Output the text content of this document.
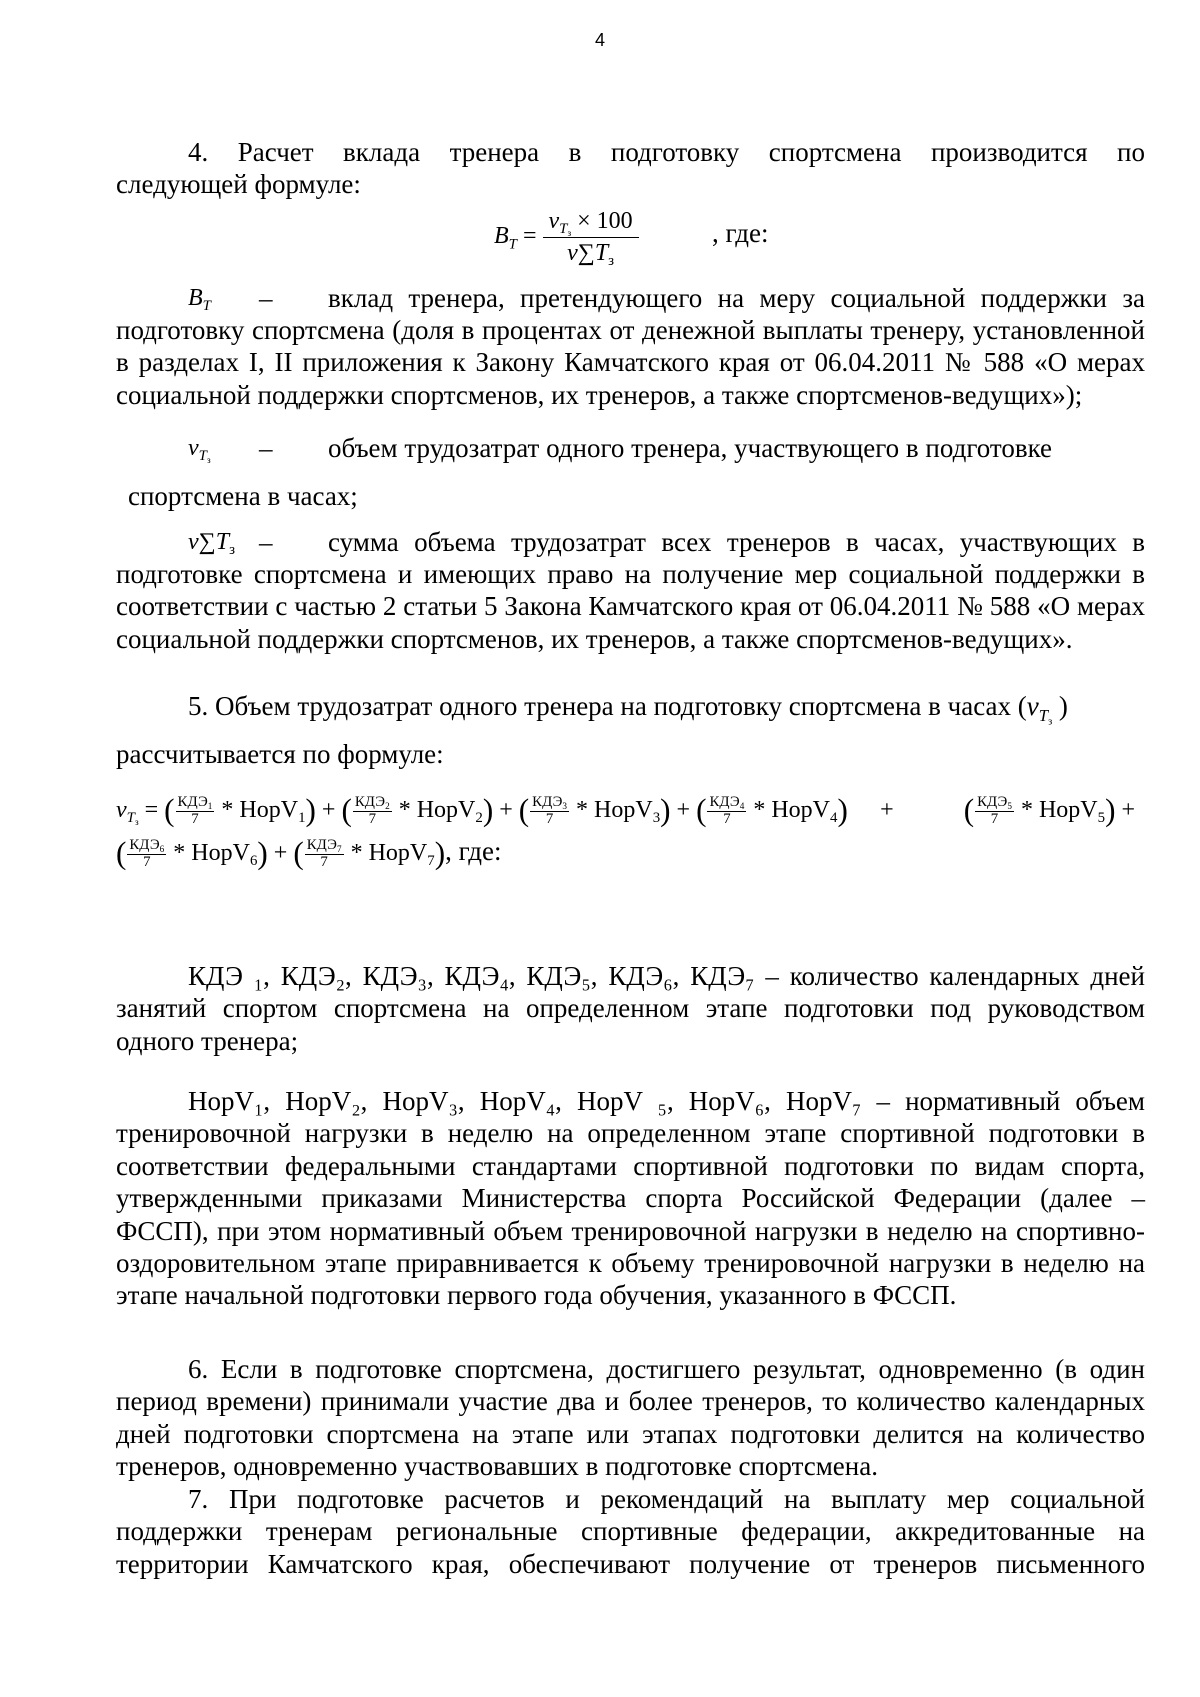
4

4. Расчет вклада тренера в подготовку спортсмена производится по

следующей формуле:

$B_T$ =
$v_{T_з} \times 100$
$v\sum T_з$
, где:
$B_T$ – вклад тренера, претендующего на меру социальной поддержки за

подготовку спортсмена (доля в процентах от денежной выплаты тренеру, установленной в разделах I, II приложения к Закону Камчатского края от 06.04.2011 № 588 «О мерах социальной поддержки спортсменов, их тренеров, а также спортсменов-ведущих»);

$v_{T_з}$ – объем трудозатрат одного тренера, участвующего в подготовке

спортсмена в часах;

$v\sum T_з$ – сумма объема трудозатрат всех тренеров в часах, участвующих в

подготовке спортсмена и имеющих право на получение мер социальной поддержки в соответствии с частью 2 статьи 5 Закона Камчатского края от 06.04.2011 № 588 «О мерах социальной поддержки спортсменов, их тренеров, а также спортсменов-ведущих».

5. Объем трудозатрат одного тренера на подготовку спортсмена в часах ($v_{T_з}$ )

рассчитывается по формуле:

$v_{T_з}$ = ( $\frac{КДЭ_1}{7}$ * НорV$_1$) + ( $\frac{КДЭ_2}{7}$ * НорV$_2$) + ( $\frac{КДЭ_3}{7}$ * НорV$_3$) + ( $\frac{КДЭ_4}{7}$ * НорV$_4$) + ( $\frac{КДЭ_5}{7}$ * НорV$_5$) +
( $\frac{КДЭ_6}{7}$ * НорV$_6$) + ( $\frac{КДЭ_7}{7}$ * НорV$_7$), где:

КДЭ ₁, КДЭ₂, КДЭ₃, КДЭ₄, КДЭ₅, КДЭ₆, КДЭ₇ – количество календарных дней занятий спортом спортсмена на определенном этапе подготовки под руководством одного тренера;

НорV₁, НорV₂, НорV₃, НорV₄, НорV ₅, НорV₆, НорV₇ – нормативный объем тренировочной нагрузки в неделю на определенном этапе спортивной подготовки в соответствии федеральными стандартами спортивной подготовки по видам спорта, утвержденными приказами Министерства спорта Российской Федерации (далее – ФССП), при этом нормативный объем тренировочной нагрузки в неделю на спортивно-оздоровительном этапе приравнивается к объему тренировочной нагрузки в неделю на этапе начальной подготовки первого года обучения, указанного в ФССП.

6. Если в подготовке спортсмена, достигшего результат, одновременно (в один период времени) принимали участие два и более тренеров, то количество календарных дней подготовки спортсмена на этапе или этапах подготовки делится на количество тренеров, одновременно участвовавших в подготовке спортсмена.

7. При подготовке расчетов и рекомендаций на выплату мер социальной поддержки тренерам региональные спортивные федерации, аккредитованные на территории Камчатского края, обеспечивают получение от тренеров письменного
